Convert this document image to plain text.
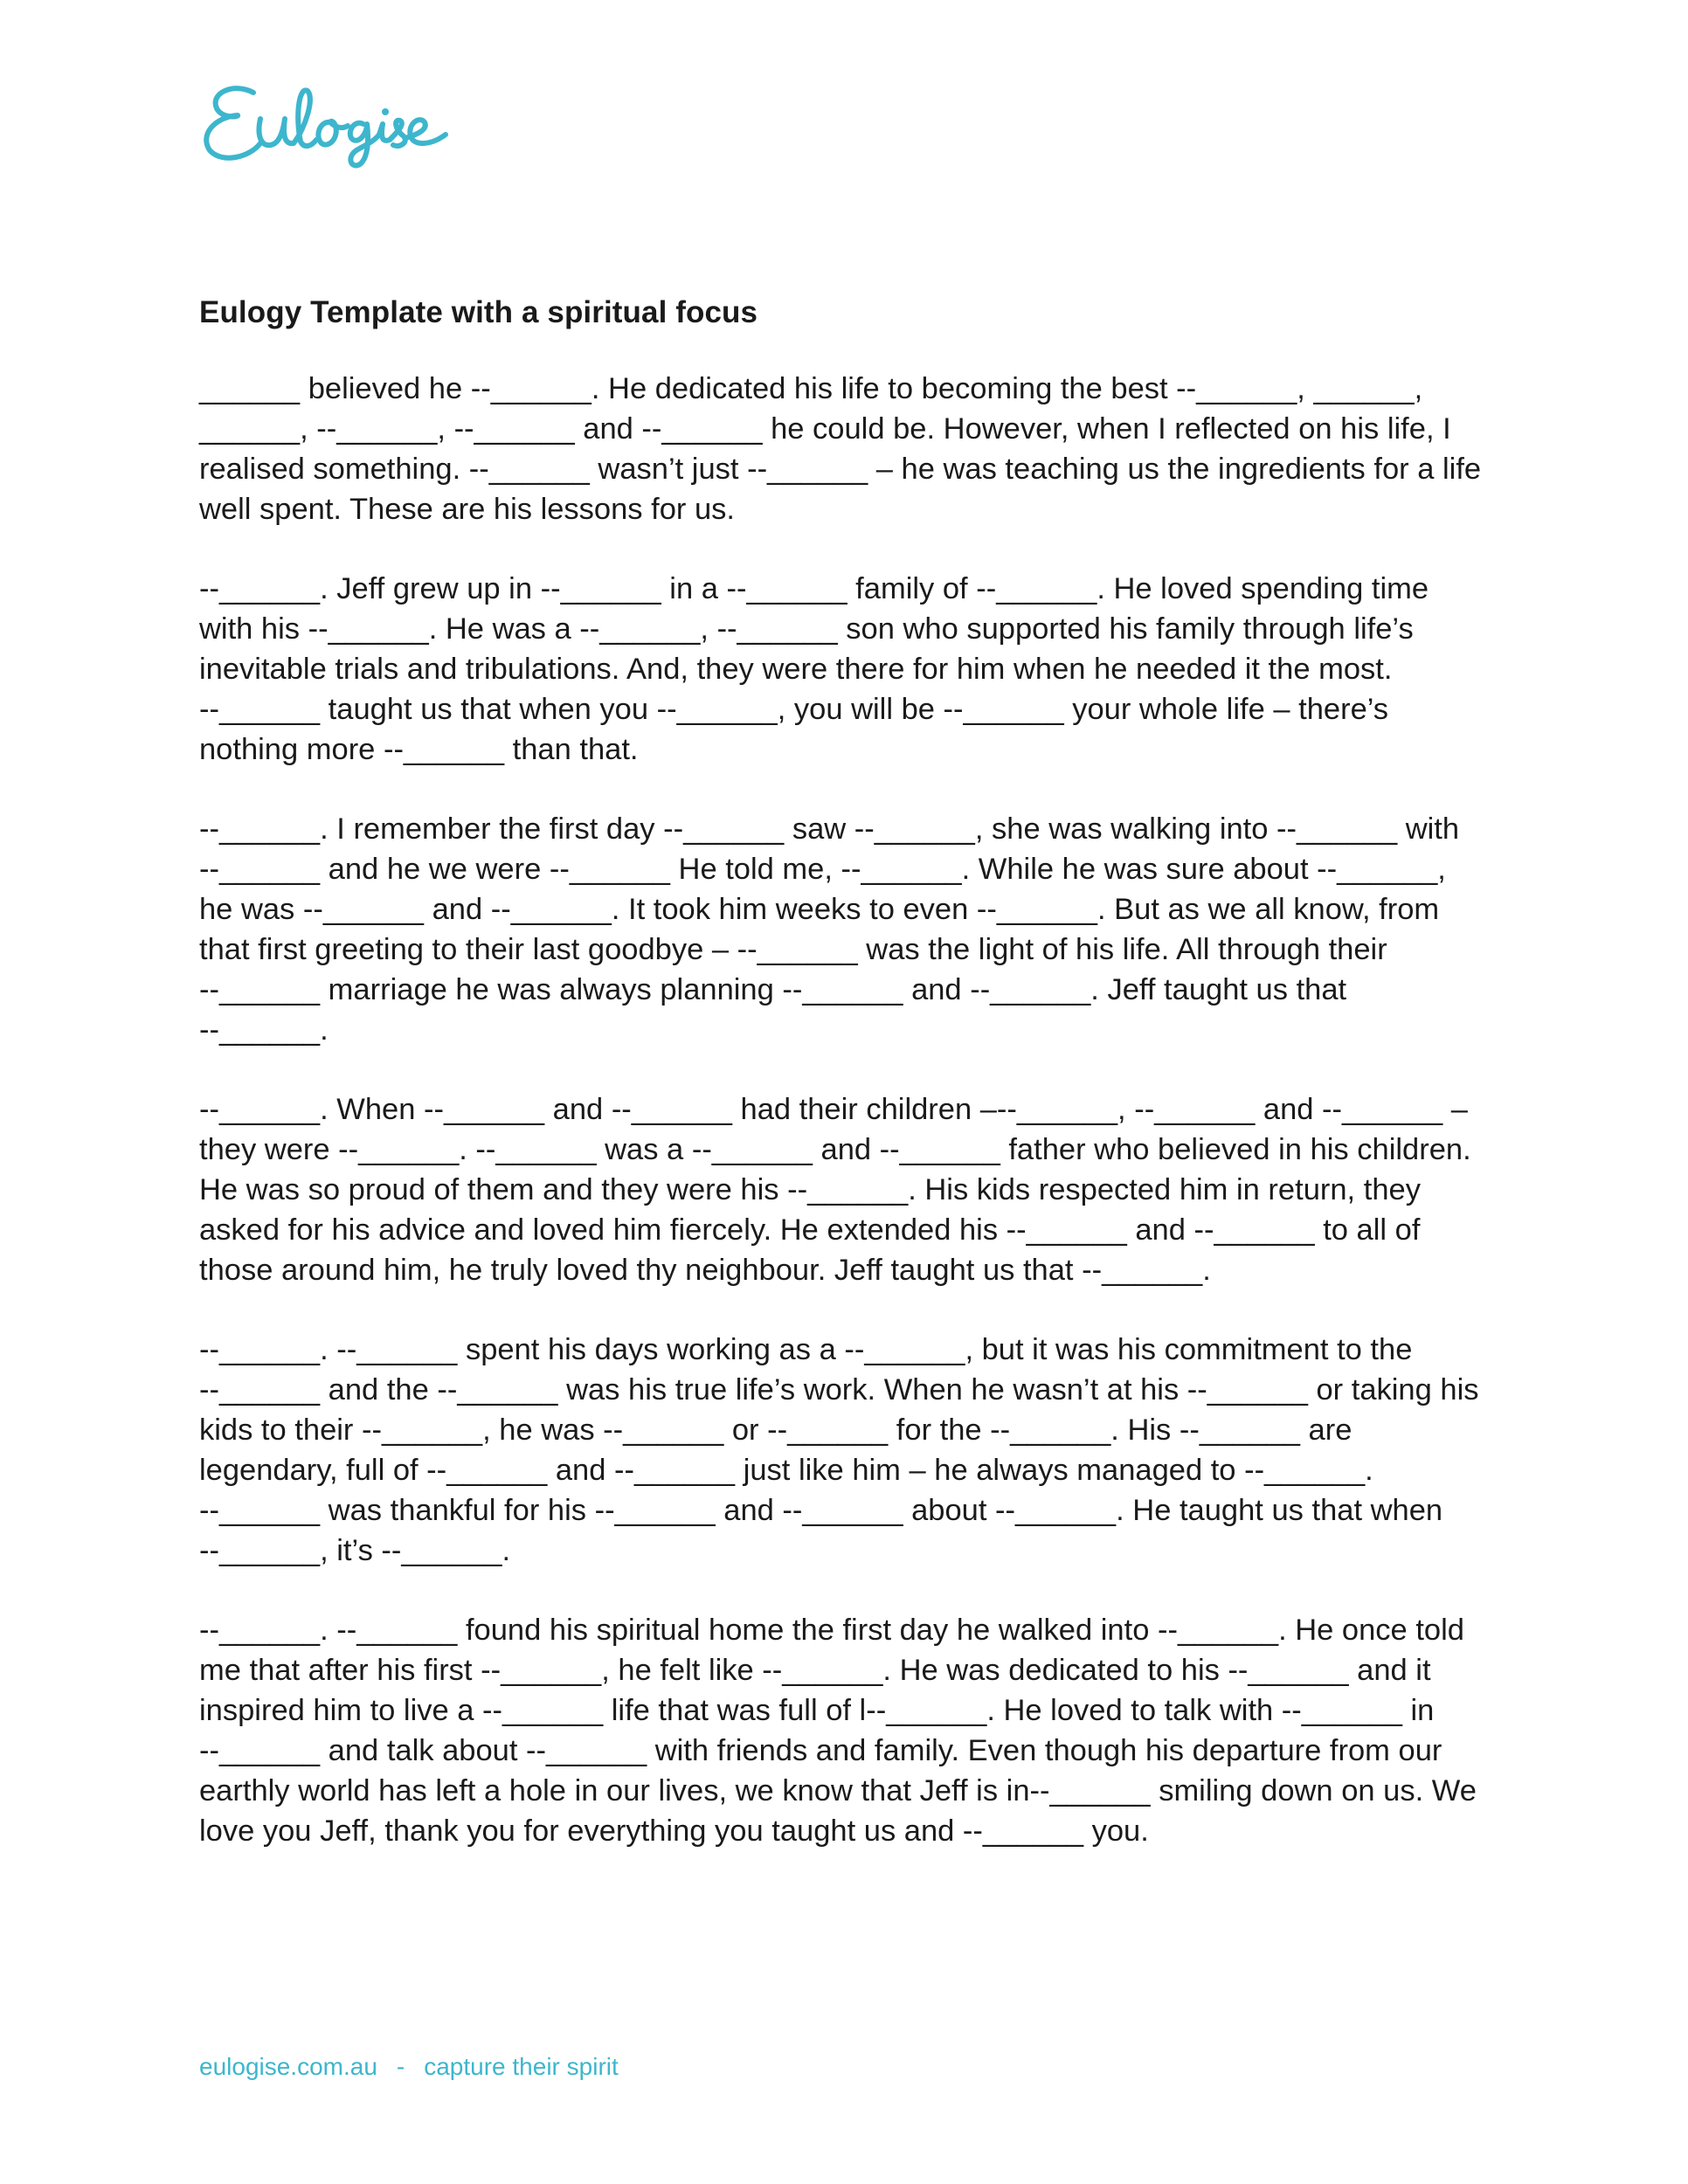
Eulogy Template with a spiritual focus

______ believed he --______. He dedicated his life to becoming the best --______, ______,
______, --______, --______ and --______ he could be. However, when I reflected on his life, I
realised something. --______ wasn’t just --______ – he was teaching us the ingredients for a life
well spent. These are his lessons for us.

--______. Jeff grew up in --______ in a --______ family of --______. He loved spending time
with his --______. He was a --______, --______ son who supported his family through life’s
inevitable trials and tribulations. And, they were there for him when he needed it the most.
--______ taught us that when you --______, you will be --______ your whole life – there’s
nothing more --______ than that.

--______. I remember the first day --______ saw --______, she was walking into --______ with
--______ and he we were --______ He told me, --______. While he was sure about --______,
he was --______ and --______. It took him weeks to even --______. But as we all know, from
that first greeting to their last goodbye – --______ was the light of his life. All through their
--______ marriage he was always planning --______ and --______. Jeff taught us that
--______.

--______. When --______ and --______ had their children –--______, --______ and --______ –
they were --______. --______ was a --______ and --______ father who believed in his children.
He was so proud of them and they were his --______. His kids respected him in return, they
asked for his advice and loved him fiercely. He extended his --______ and --______ to all of
those around him, he truly loved thy neighbour. Jeff taught us that --______.

--______. --______ spent his days working as a --______, but it was his commitment to the
--______ and the --______ was his true life’s work. When he wasn’t at his --______ or taking his
kids to their --______, he was --______ or --______ for the --______. His --______ are
legendary, full of --______ and --______ just like him – he always managed to --______.
--______ was thankful for his --______ and --______ about --______. He taught us that when
--______, it’s --______.

--______. --______ found his spiritual home the first day he walked into --______. He once told
me that after his first --______, he felt like --______. He was dedicated to his --______ and it
inspired him to live a --______ life that was full of l--______. He loved to talk with --______ in
--______ and talk about --______ with friends and family. Even though his departure from our
earthly world has left a hole in our lives, we know that Jeff is in--______ smiling down on us. We
love you Jeff, thank you for everything you taught us and --______ you.

eulogise.com.au - capture their spirit
